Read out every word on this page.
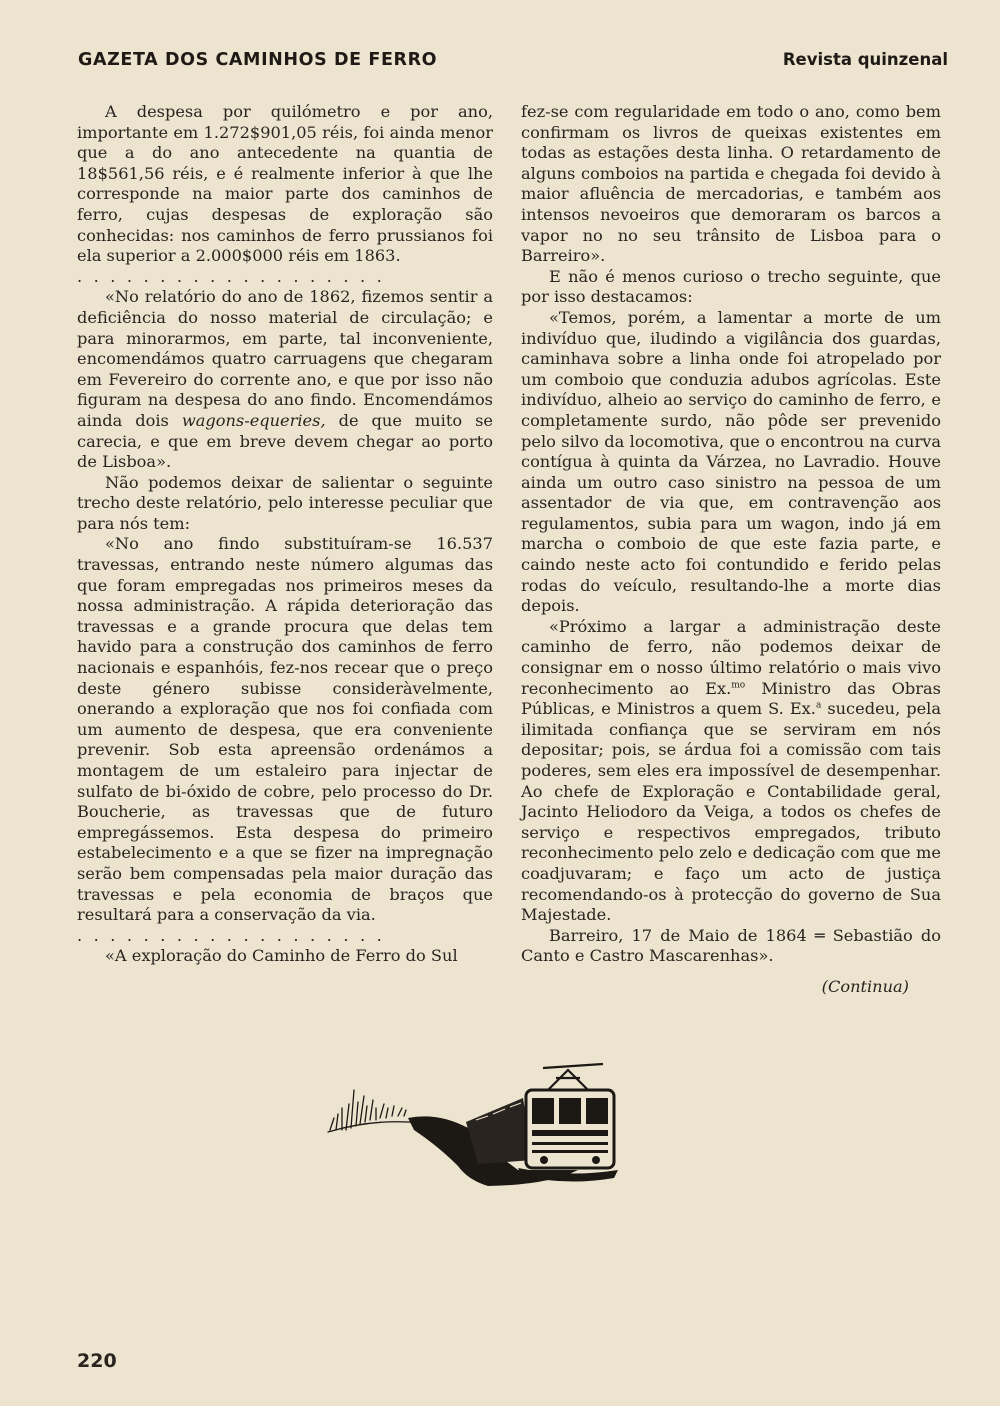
GAZETA DOS CAMINHOS DE FERRO	Revista quinzenal

A despesa por quilómetro e por ano, importante em 1.272$901,05 réis, foi ainda menor que a do ano antecedente na quantia de 18$561,56 réis, e é realmente inferior à que lhe corresponde na maior parte dos caminhos de ferro, cujas despesas de exploração são conhecidas: nos caminhos de ferro prussianos foi ela superior a 2.000$000 réis em 1863.

...................

«No relatório do ano de 1862, fizemos sentir a deficiência do nosso material de circulação; e para minorarmos, em parte, tal inconveniente, encomendámos quatro carruagens que chegaram em Fevereiro do corrente ano, e que por isso não figuram na despesa do ano findo. Encomendámos ainda dois wagons-equeries, de que muito se carecia, e que em breve devem chegar ao porto de Lisboa».

Não podemos deixar de salientar o seguinte trecho deste relatório, pelo interesse peculiar que para nós tem:

«No ano findo substituíram-se 16.537 travessas, entrando neste número algumas das que foram empregadas nos primeiros meses da nossa administração. A rápida deterioração das travessas e a grande procura que delas tem havido para a construção dos caminhos de ferro nacionais e espanhóis, fez-nos recear que o preço deste género subisse consideràvelmente, onerando a exploração que nos foi confiada com um aumento de despesa, que era conveniente prevenir. Sob esta apreensão ordenámos a montagem de um estaleiro para injectar de sulfato de bi-óxido de cobre, pelo processo do Dr. Boucherie, as travessas que de futuro empregássemos. Esta despesa do primeiro estabelecimento e a que se fizer na impregnação serão bem compensadas pela maior duração das travessas e pela economia de braços que resultará para a conservação da via.

...................

«A exploração do Caminho de Ferro do Sul

fez-se com regularidade em todo o ano, como bem confirmam os livros de queixas existentes em todas as estações desta linha. O retardamento de alguns comboios na partida e chegada foi devido à maior afluência de mercadorias, e também aos intensos nevoeiros que demoraram os barcos a vapor no no seu trânsito de Lisboa para o Barreiro».

E não é menos curioso o trecho seguinte, que por isso destacamos:

«Temos, porém, a lamentar a morte de um indivíduo que, iludindo a vigilância dos guardas, caminhava sobre a linha onde foi atropelado por um comboio que conduzia adubos agrícolas. Este indivíduo, alheio ao serviço do caminho de ferro, e completamente surdo, não pôde ser prevenido pelo silvo da locomotiva, que o encontrou na curva contígua à quinta da Várzea, no Lavradio. Houve ainda um outro caso sinistro na pessoa de um assentador de via que, em contravenção aos regulamentos, subia para um wagon, indo já em marcha o comboio de que este fazia parte, e caindo neste acto foi contundido e ferido pelas rodas do veículo, resultando-lhe a morte dias depois.

«Próximo a largar a administração deste caminho de ferro, não podemos deixar de consignar em o nosso último relatório o mais vivo reconhecimento ao Ex.$^{mo}$ Ministro das Obras Públicas, e Ministros a quem S. Ex.$^a$ sucedeu, pela ilimitada confiança que se serviram em nós depositar; pois, se árdua foi a comissão com tais poderes, sem eles era impossível de desempenhar. Ao chefe de Exploração e Contabilidade geral, Jacinto Heliodoro da Veiga, a todos os chefes de serviço e respectivos empregados, tributo reconhecimento pelo zelo e dedicação com que me coadjuvaram; e faço um acto de justiça recomendando-os à protecção do governo de Sua Majestade.

Barreiro, 17 de Maio de 1864 ═ Sebastião do Canto e Castro Mascarenhas».

(Continua)

220
